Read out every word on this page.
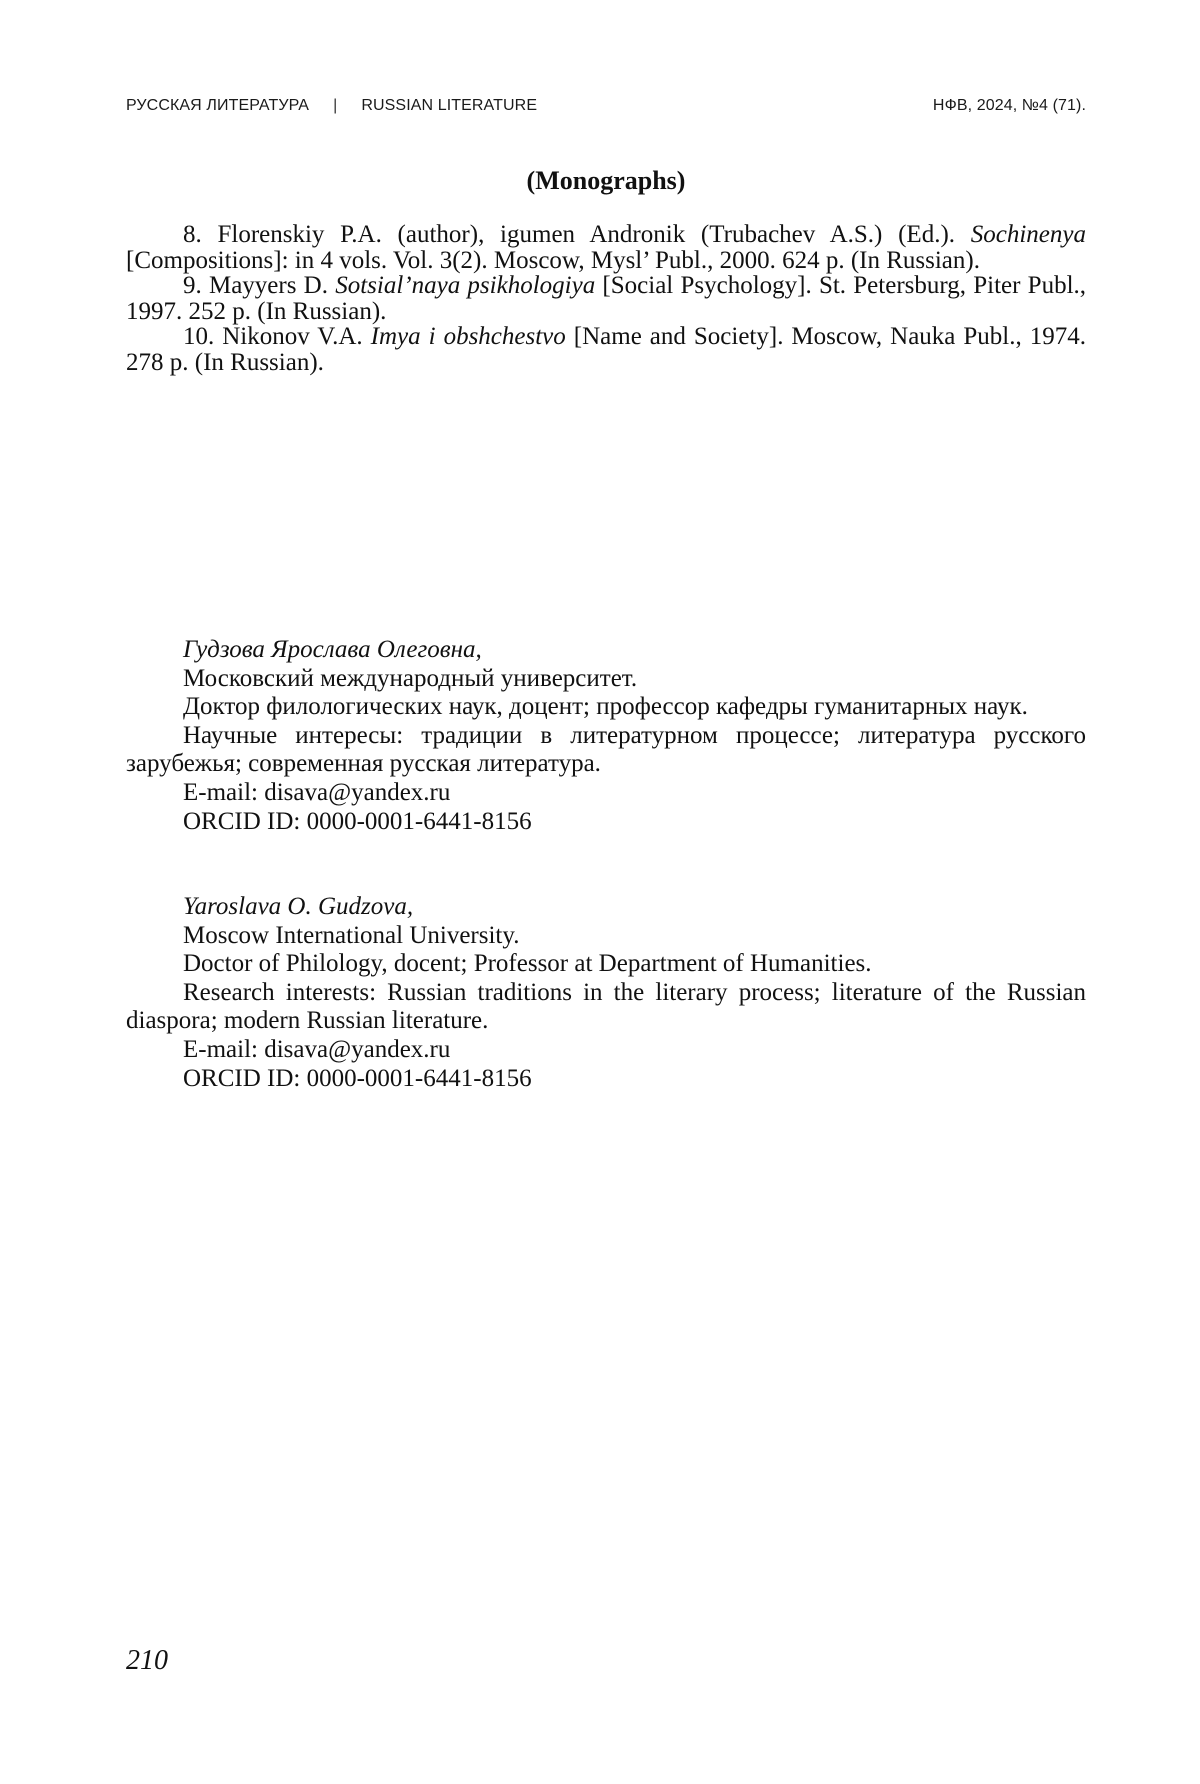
РУССКАЯ ЛИТЕРАТУРА | RUSSIAN LITERATURE	НФВ, 2024, №4 (71).
(Monographs)

8. Florenskiy P.A. (author), igumen Andronik (Trubachev A.S.) (Ed.). Sochinenya [Compositions]: in 4 vols. Vol. 3(2). Moscow, Mysl’ Publ., 2000. 624 p. (In Russian).

9. Mayyers D. Sotsial’naya psikhologiya [Social Psychology]. St. Petersburg, Piter Publ., 1997. 252 p. (In Russian).

10. Nikonov V.A. Imya i obshchestvo [Name and Society]. Moscow, Nauka Publ., 1974. 278 p. (In Russian).

Гудзова Ярослава Олеговна,

Московский международный университет.

Доктор филологических наук, доцент; профессор кафедры гуманитарных наук.

Научные интересы: традиции в литературном процессе; литература русского зарубежья; современная русская литература.

E-mail: disava@yandex.ru

ORCID ID: 0000-0001-6441-8156

Yaroslava O. Gudzova,

Moscow International University.

Doctor of Philology, docent; Professor at Department of Humanities.

Research interests: Russian traditions in the literary process; literature of the Russian diaspora; modern Russian literature.

E-mail: disava@yandex.ru

ORCID ID: 0000-0001-6441-8156

210
